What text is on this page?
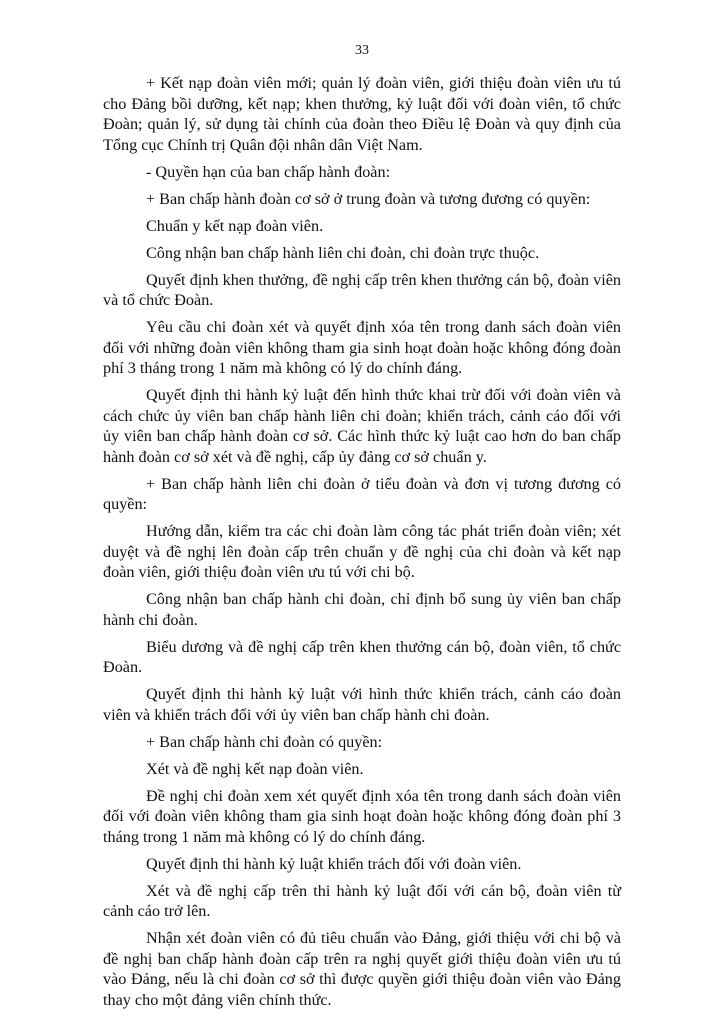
33

+ Kết nạp đoàn viên mới; quản lý đoàn viên, giới thiệu đoàn viên ưu tú cho Đảng bồi dưỡng, kết nạp; khen thưởng, kỷ luật đối với đoàn viên, tổ chức Đoàn; quản lý, sử dụng tài chính của đoàn theo Điều lệ Đoàn và quy định của Tổng cục Chính trị Quân đội nhân dân Việt Nam.

- Quyền hạn của ban chấp hành đoàn:

+ Ban chấp hành đoàn cơ sở ở trung đoàn và tương đương có quyền:

Chuẩn y kết nạp đoàn viên.

Công nhận ban chấp hành liên chi đoàn, chi đoàn trực thuộc.

Quyết định khen thưởng, đề nghị cấp trên khen thưởng cán bộ, đoàn viên và tổ chức Đoàn.

Yêu cầu chi đoàn xét và quyết định xóa tên trong danh sách đoàn viên đối với những đoàn viên không tham gia sinh hoạt đoàn hoặc không đóng đoàn phí 3 tháng trong 1 năm mà không có lý do chính đáng.

Quyết định thi hành kỷ luật đến hình thức khai trừ đối với đoàn viên và cách chức ủy viên ban chấp hành liên chi đoàn; khiển trách, cảnh cáo đối với ủy viên ban chấp hành đoàn cơ sở. Các hình thức kỷ luật cao hơn do ban chấp hành đoàn cơ sở xét và đề nghị, cấp ủy đảng cơ sở chuẩn y.

+ Ban chấp hành liên chi đoàn ở tiểu đoàn và đơn vị tương đương có quyền:

Hướng dẫn, kiểm tra các chi đoàn làm công tác phát triển đoàn viên; xét duyệt và đề nghị lên đoàn cấp trên chuẩn y đề nghị của chi đoàn và kết nạp đoàn viên, giới thiệu đoàn viên ưu tú với chi bộ.

Công nhận ban chấp hành chi đoàn, chỉ định bổ sung ủy viên ban chấp hành chi đoàn.

Biểu dương và đề nghị cấp trên khen thưởng cán bộ, đoàn viên, tổ chức Đoàn.

Quyết định thi hành kỷ luật với hình thức khiển trách, cảnh cáo đoàn viên và khiển trách đối với ủy viên ban chấp hành chi đoàn.

+ Ban chấp hành chi đoàn có quyền:

Xét và đề nghị kết nạp đoàn viên.

Đề nghị chi đoàn xem xét quyết định xóa tên trong danh sách đoàn viên đối với đoàn viên không tham gia sinh hoạt đoàn hoặc không đóng đoàn phí 3 tháng trong 1 năm mà không có lý do chính đáng.

Quyết định thi hành kỷ luật khiển trách đối với đoàn viên.

Xét và đề nghị cấp trên thi hành kỷ luật đối với cán bộ, đoàn viên từ cảnh cáo trở lên.

Nhận xét đoàn viên có đủ tiêu chuẩn vào Đảng, giới thiệu với chi bộ và đề nghị ban chấp hành đoàn cấp trên ra nghị quyết giới thiệu đoàn viên ưu tú vào Đảng, nếu là chi đoàn cơ sở thì được quyền giới thiệu đoàn viên vào Đảng thay cho một đảng viên chính thức.
